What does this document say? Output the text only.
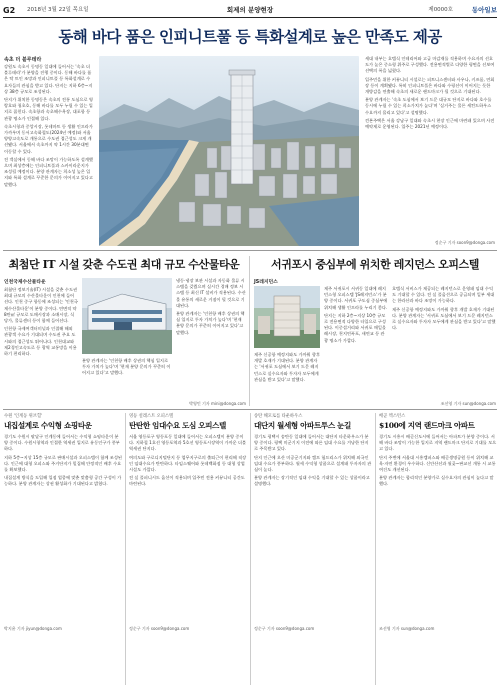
G2 2018년 3월 22일 목요일	회제의 분양현장	제0000호	동아일보
동해 바다 품은 인피니트풀 등 특화설계로 높은 만족도 제공
속초 더 블루테라

강원도 속초시 동명동 일대에 들어서는 '속초 더 블루테라'가 분양을 진행 중이다. 동해 바다를 품은 탁 트인 조망과 인피니트풀 등 특화설계로 수요자들의 관심을 받고 있다. 단지는 지하 6층~지상 38층 규모로 조성된다.

단지가 위치한 동명동은 속초의 전통 도심으로 영랑호와 청초호, 동해 바다를 모두 누릴 수 있는 입지로 꼽힌다. 속초항과 속초해수욕장, 대포항 등 관광 명소가 인접해 있다.

속초시청과 중앙시장, 롯데마트 등 생활 인프라가 가까우며 동서고속화철도(2024년 예정)와 서울양양고속도로 개통으로 수도권 접근성도 크게 개선됐다. 서울에서 속초까지 약 1시간 30분대면 이동할 수 있다.

전 객실에서 동해 바다 조망이 가능하도록 설계했으며 최상층에는 인피니트풀과 스카이라운지가 조성될 예정이다. 분양 관계자는 희소성 높은 입지와 특화 설계로 꾸준한 문의가 이어지고 있다고 말했다.

세대 내부는 호텔식 인테리어와 고급 마감재를 적용하며 수요자의 선호도가 높은 중소형 위주로 구성했다. 전용면적별로 다양한 평면을 선보여 선택의 폭을 넓혔다.

입주민을 위한 커뮤니티 시설로는 피트니스센터와 사우나, 키즈룸, 연회장 등이 계획됐다. 특히 인피니트풀은 바다와 수평선이 이어지는 듯한 개방감을 연출해 속초의 새로운 랜드마크가 될 것으로 기대된다.

분양 관계자는 '속초 도심에서 보기 드문 대규모 단지로 바다와 호수를 동시에 누릴 수 있는 희소가치가 높다'며 '실거주는 물론 세컨드하우스 수요까지 몰리고 있다'고 설명했다.

견본주택은 서울 강남구 일대와 속초시 현장 인근에 마련돼 있으며 사전 예약제로 운영된다. 입주는 2021년 예정이다.

정순구 기자 soon9@donga.com
최첨단 IT 시설 갖춘 수도권 최대 규모 수산물타운
인천국제수산물타운

최첨단 정보기술(IT) 시설을 갖춘 수도권 최대 규모의 수산물타운이 인천에 들어선다. 인천 중구 항동에 조성되는 '인천국제수산물타운'이 분양 중이다. 연면적 약 8만㎡ 규모로 도매시장과 소매시장, 식당가, 물류센터 등이 함께 들어선다.

인천항 국제여객터미널과 인접해 해외 관광객 수요가 기대되며 수도권 주요 도시와의 접근성도 뛰어나다. 인천대교와 제2경인고속도로 등 광역 교통망을 이용하기 편리하다.

냉동·냉장 보관 시설과 자동화 물류 시스템을 갖췄으며 실시간 경매 정보 시스템 등 최신 IT 설비가 적용된다. 수산물 유통의 새로운 거점이 될 것으로 기대된다.

분양 관계자는 '인천항 배후 상권의 핵심 입지로 투자 가치가 높다'며 '현재 분양 문의가 꾸준히 이어지고 있다'고 말했다.

분양 관계자는 '인천항 배후 상권의 핵심 입지로 투자 가치가 높다'며 '현재 분양 문의가 꾸준히 이어지고 있다'고 말했다.

박영민 기자 mini@donga.com
서귀포시 중심부에 위치한 레지던스 오피스텔
JS레지던스

제주 서귀포시 서귀동 일대에 레지던스형 오피스텔 'JS레지던스'가 분양 중이다. 서귀포 구도심 중심부에 위치해 생활 인프라를 누리기 좋다.

단지는 지하 2층~지상 10층 규모로 전용면적 다양한 타입으로 구성된다. 이중섭거리와 서귀포 매일올레시장, 천지연폭포, 새연교 등 관광 명소가 가깝다.

호텔식 서비스가 제공되는 레지던스로 운영돼 임대 수익도 기대할 수 있다. 전 실 풀옵션으로 공급되며 일부 세대는 한라산과 바다 조망이 가능하다.

제주 신공항 예정지와도 가까워 향후 개발 호재가 기대된다. 분양 관계자는 '서귀포 도심에서 보기 드문 레지던스로 실수요자와 투자자 모두에게 관심을 받고 있다'고 말했다.

제주 신공항 예정지와도 가까워 향후 개발 호재가 기대된다. 분양 관계자는 '서귀포 도심에서 보기 드문 레지던스로 실수요자와 투자자 모두에게 관심을 받고 있다'고 말했다.

조선영 기자 sun@donga.com
수원 '인계동 위브힐'
내집설계로 수익형 쇼핑타운

경기도 수원시 팔달구 인계동에 들어서는 수익형 쇼핑타운이 분양 중이다. 수원시청역과 인접한 역세권 입지로 유동인구가 풍부하다.

지하 5층~지상 15층 규모로 판매시설과 오피스텔이 함께 조성된다. 인근에 대형 오피스와 주거단지가 밀집해 안정적인 배후 수요를 확보했다.

내집설계 방식을 도입해 입점 업종에 맞춘 맞춤형 공간 구성이 가능하다. 분양 관계자는 상권 활성화가 기대된다고 밝혔다.

박지윤 기자 jiyun@donga.com
영등 설레스트 오피스텔
탄탄한 임대수요 도심 오피스텔

서울 영등포구 영등포동 일대에 들어서는 오피스텔이 분양 중이다. 지하철 1호선 영등포역과 5호선 영등포시장역이 가까운 더블 역세권 단지다.

여의도와 구로디지털단지 등 업무지구로의 출퇴근이 편리해 직장인 임대수요가 탄탄하다. 타임스퀘어와 롯데백화점 등 대형 상업시설도 가깝다.

전 실 풀퍼니시드 옵션이 적용되며 입주민 전용 커뮤니티 공간도 마련된다.

정순구 기자 soon9@donga.com
송탄 해모로를 타운하우스
대단지 월세형 아파트투스 눈길

경기도 평택시 송탄동 일대에 들어서는 대단지 타운하우스가 분양 중이다. 평택 미군기지 이전에 따른 임대 수요를 겨냥한 단지로 주목받고 있다.

단지 인근에 오산 미공군기지와 캠프 험프리스가 위치해 외국인 임대 수요가 풍부하다. 월세 수익형 상품으로 설계돼 투자자의 관심이 높다.

분양 관계자는 장기적인 임대 수익을 기대할 수 있는 상품이라고 설명했다.

정순구 기자 soon9@donga.com
배곧 엑스턴스
$100에 지역 랜드마크 아파트

경기도 시흥시 배곧신도시에 들어서는 아파트가 분양 중이다. 서해 바다 조망이 가능한 입지로 지역 랜드마크 단지로 기대를 모으고 있다.

단지 주변에 서울대 시흥캠퍼스와 배곧생명공원 등이 위치해 교육·자연 환경이 우수하다. 신안산선과 월곶~판교선 개통 시 교통 여건도 개선된다.

분양 관계자는 합리적인 분양가로 실수요자의 관심이 높다고 말했다.

조선영 기자 sun@donga.com
